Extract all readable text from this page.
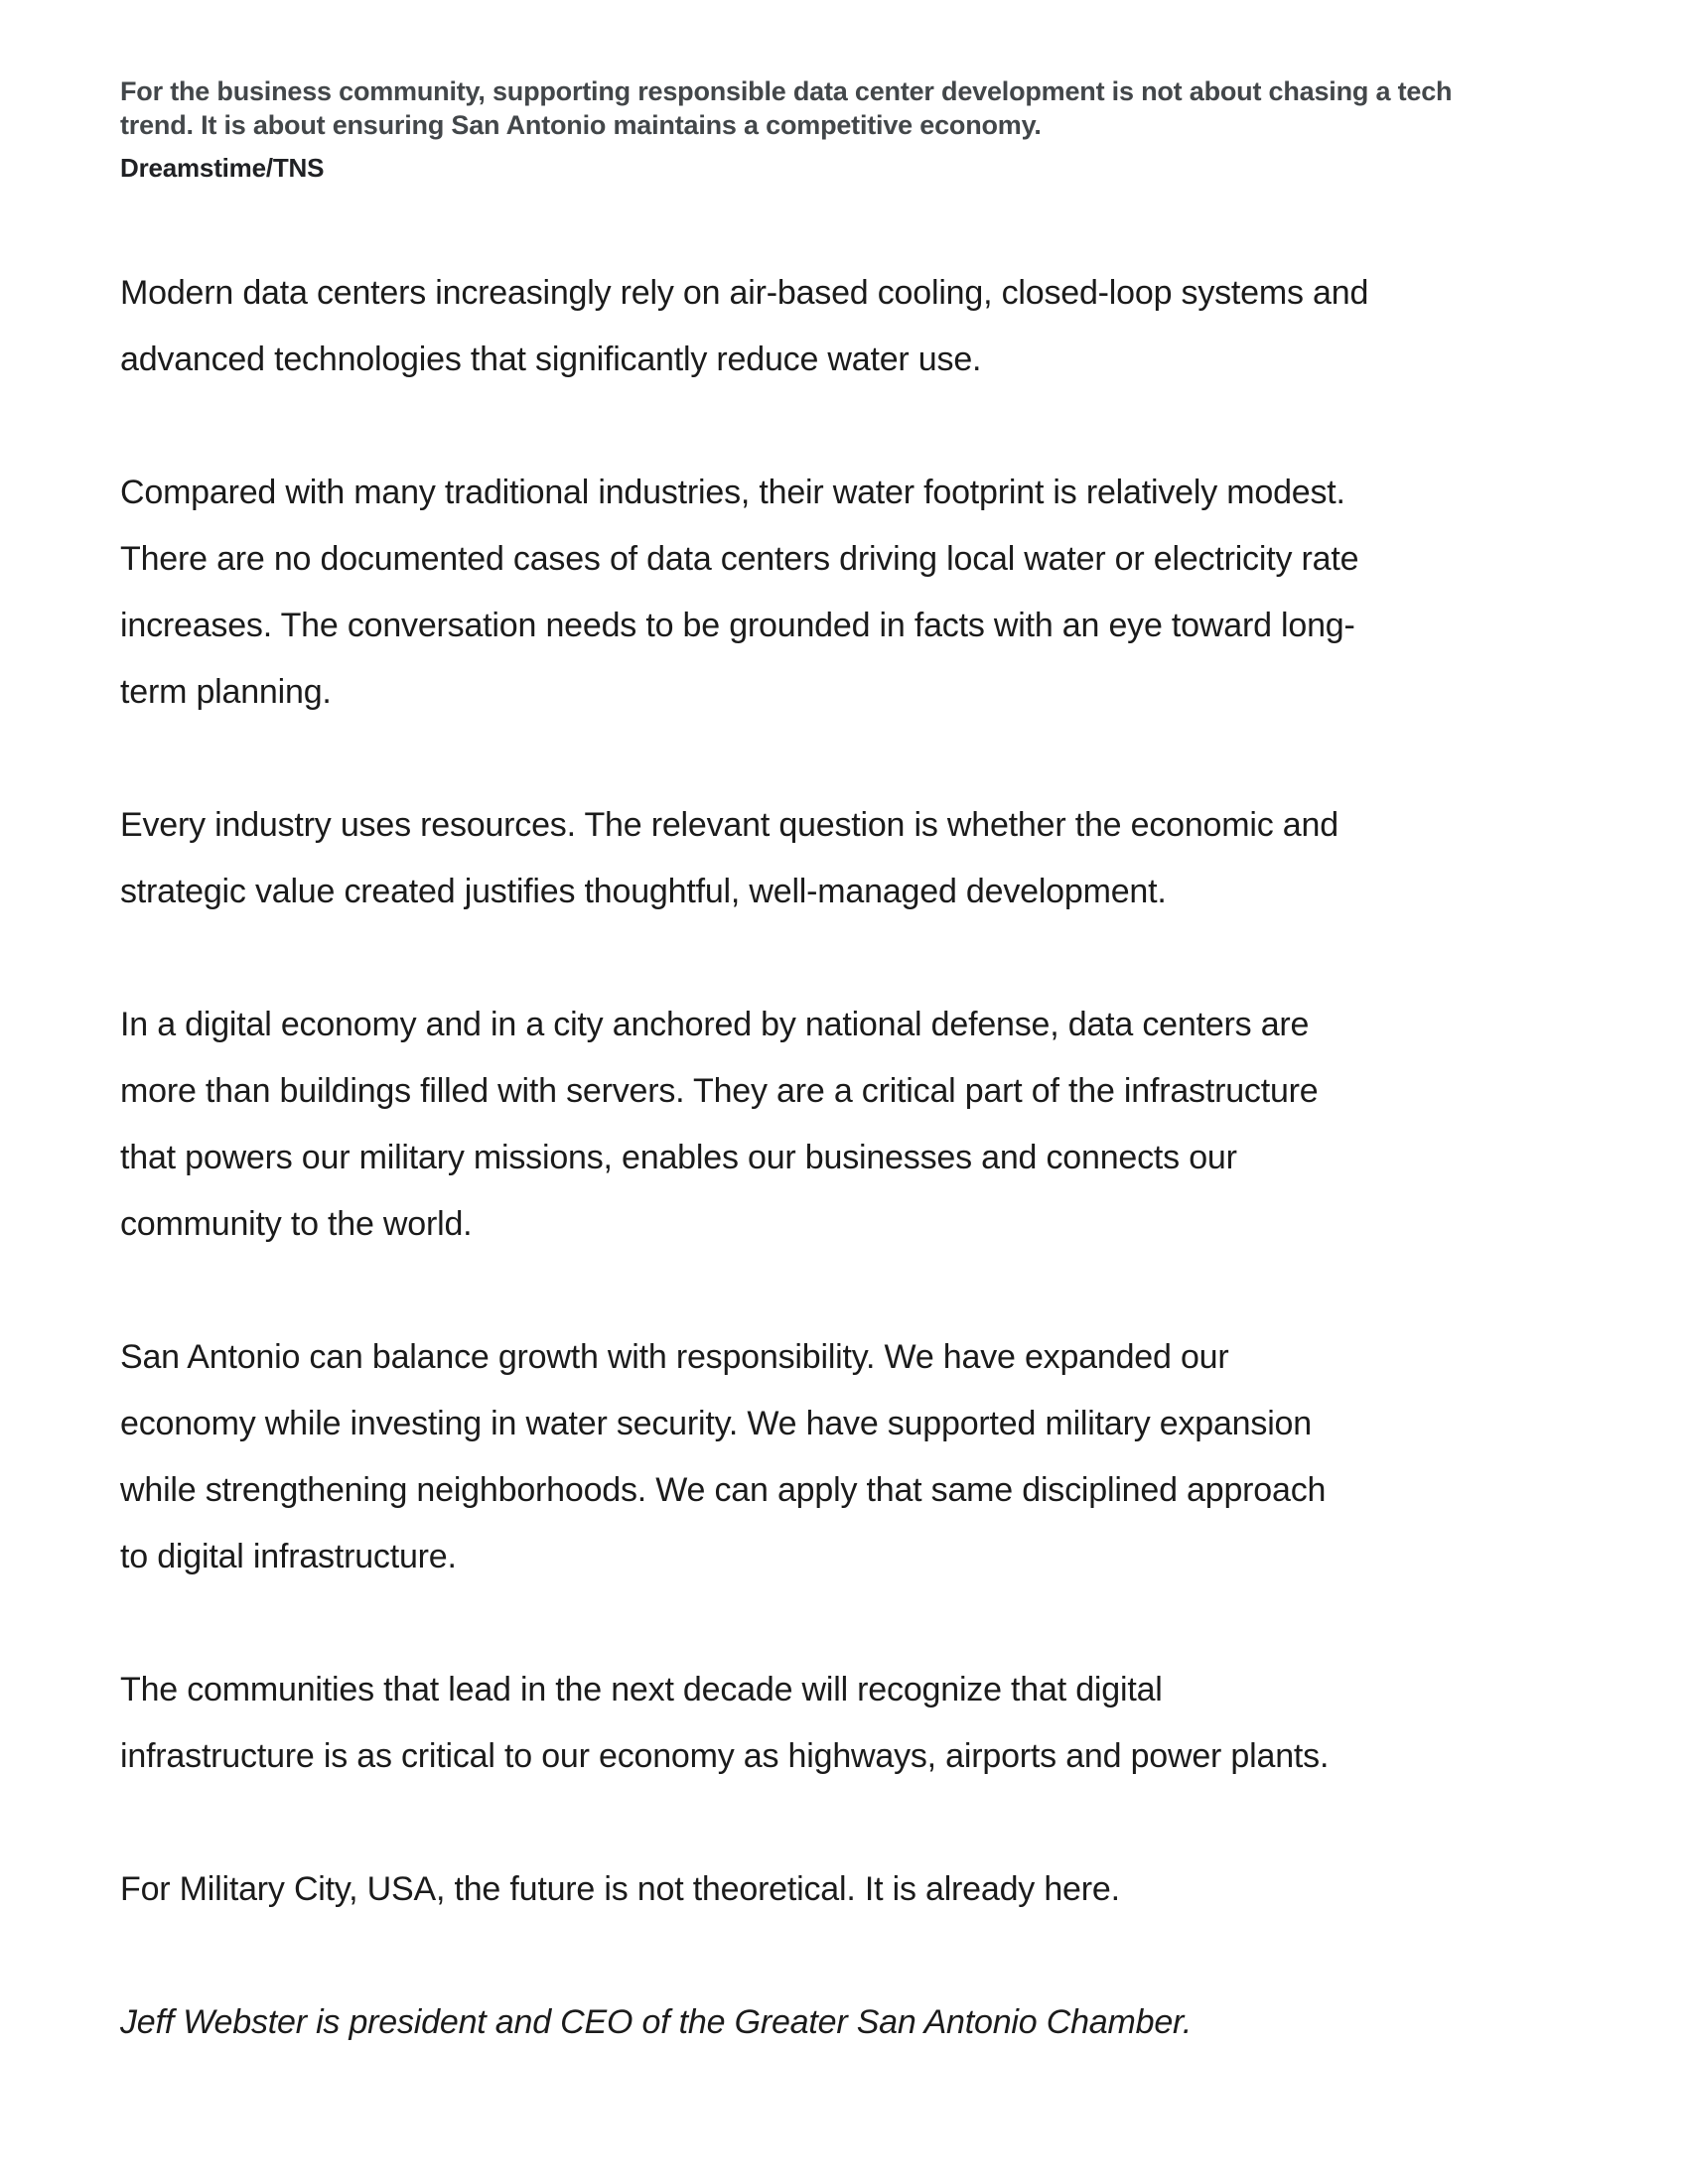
For the business community, supporting responsible data center development is not about chasing a tech
trend. It is about ensuring San Antonio maintains a competitive economy.
Dreamstime/TNS
Modern data centers increasingly rely on air-based cooling, closed-loop systems and
advanced technologies that significantly reduce water use.
Compared with many traditional industries, their water footprint is relatively modest.
There are no documented cases of data centers driving local water or electricity rate
increases. The conversation needs to be grounded in facts with an eye toward long-
term planning.
Every industry uses resources. The relevant question is whether the economic and
strategic value created justifies thoughtful, well-managed development.
In a digital economy and in a city anchored by national defense, data centers are
more than buildings filled with servers. They are a critical part of the infrastructure
that powers our military missions, enables our businesses and connects our
community to the world.
San Antonio can balance growth with responsibility. We have expanded our
economy while investing in water security. We have supported military expansion
while strengthening neighborhoods. We can apply that same disciplined approach
to digital infrastructure.
The communities that lead in the next decade will recognize that digital
infrastructure is as critical to our economy as highways, airports and power plants.
For Military City, USA, the future is not theoretical. It is already here.
Jeff Webster is president and CEO of the Greater San Antonio Chamber.
